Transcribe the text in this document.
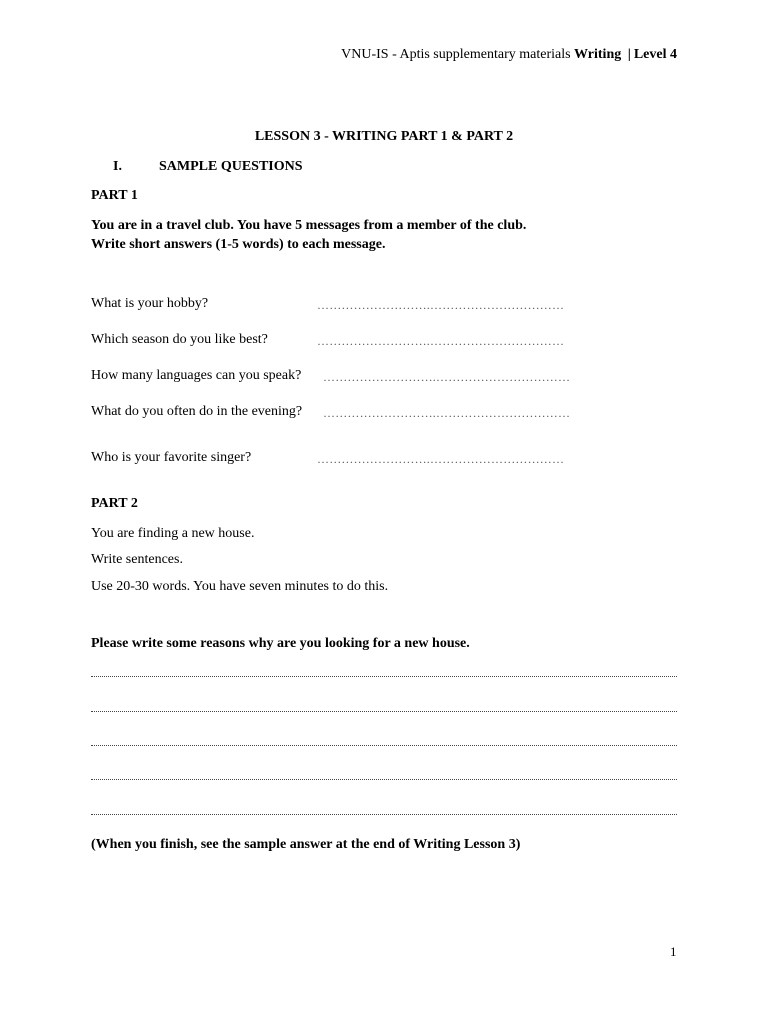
VNU-IS - Aptis supplementary materials Writing | Level 4
LESSON 3 - WRITING PART 1 & PART 2
I.	SAMPLE QUESTIONS
PART 1
You are in a travel club. You have 5 messages from a member of the club.
Write short answers (1-5 words) to each message.
What is your hobby?	……………………….……………………………
Which season do you like best?	……………………….……………………………
How many languages can you speak? ……………………….……………………………
What do you often do in the evening? ……………………….……………………………
Who is your favorite singer?	……………………….……………………………
PART 2
You are finding a new house.
Write sentences.
Use 20-30 words. You have seven minutes to do this.
Please write some reasons why are you looking for a new house.
(When you finish, see the sample answer at the end of Writing Lesson 3)
1
